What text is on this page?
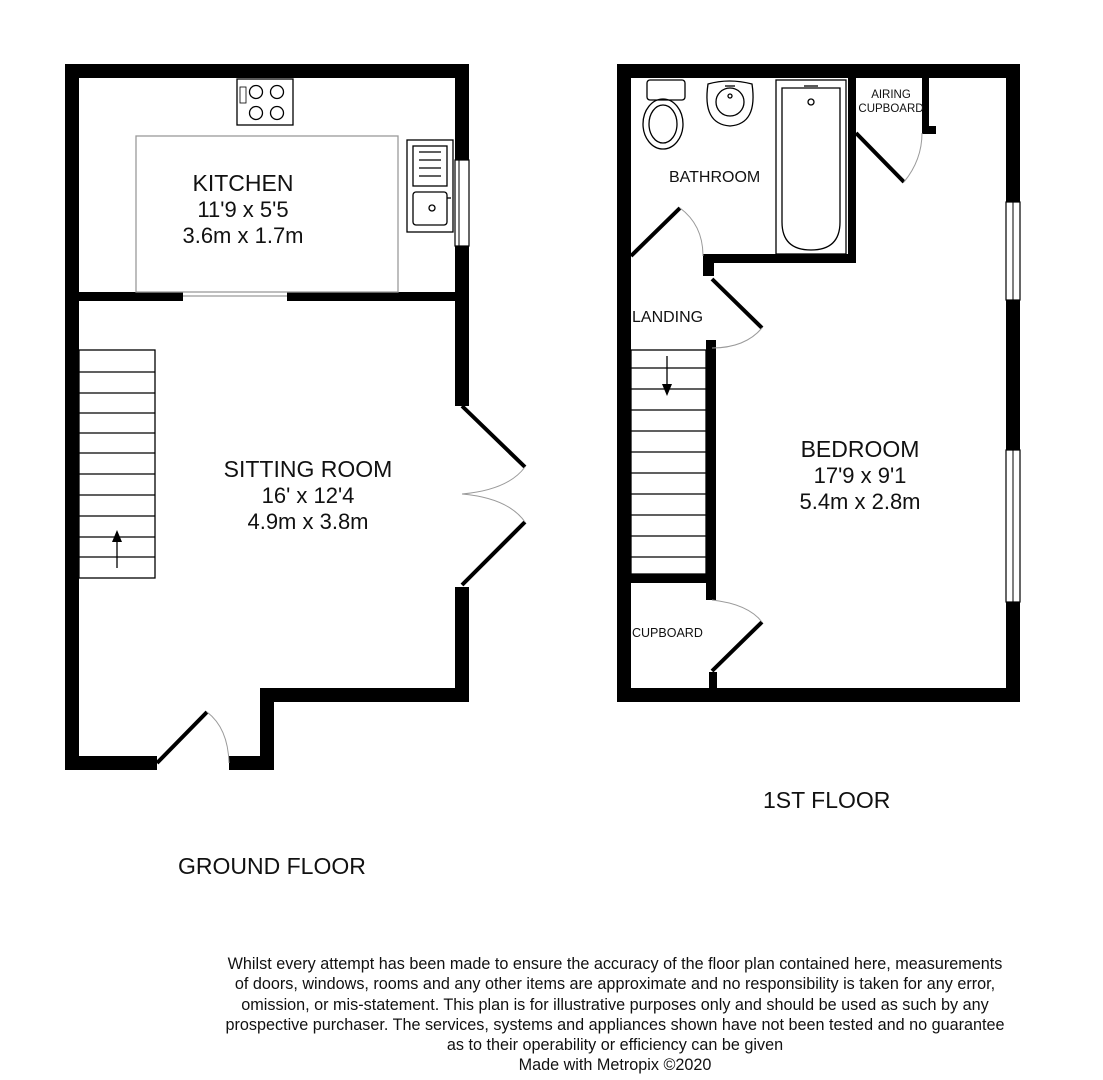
KITCHEN
11'9 x 5'5
3.6m x 1.7m
SITTING ROOM
16' x 12'4
4.9m x 3.8m
BEDROOM
17'9 x 9'1
5.4m x 2.8m
BATHROOM
LANDING
CUPBOARD
AIRING
CUPBOARD
1ST FLOOR
GROUND FLOOR
Whilst every attempt has been made to ensure the accuracy of the floor plan contained here, measurements
of doors, windows, rooms and any other items are approximate and no responsibility is taken for any error,
omission, or mis-statement. This plan is for illustrative purposes only and should be used as such by any
prospective purchaser. The services, systems and appliances shown have not been tested and no guarantee
as to their operability or efficiency can be given
Made with Metropix ©2020
